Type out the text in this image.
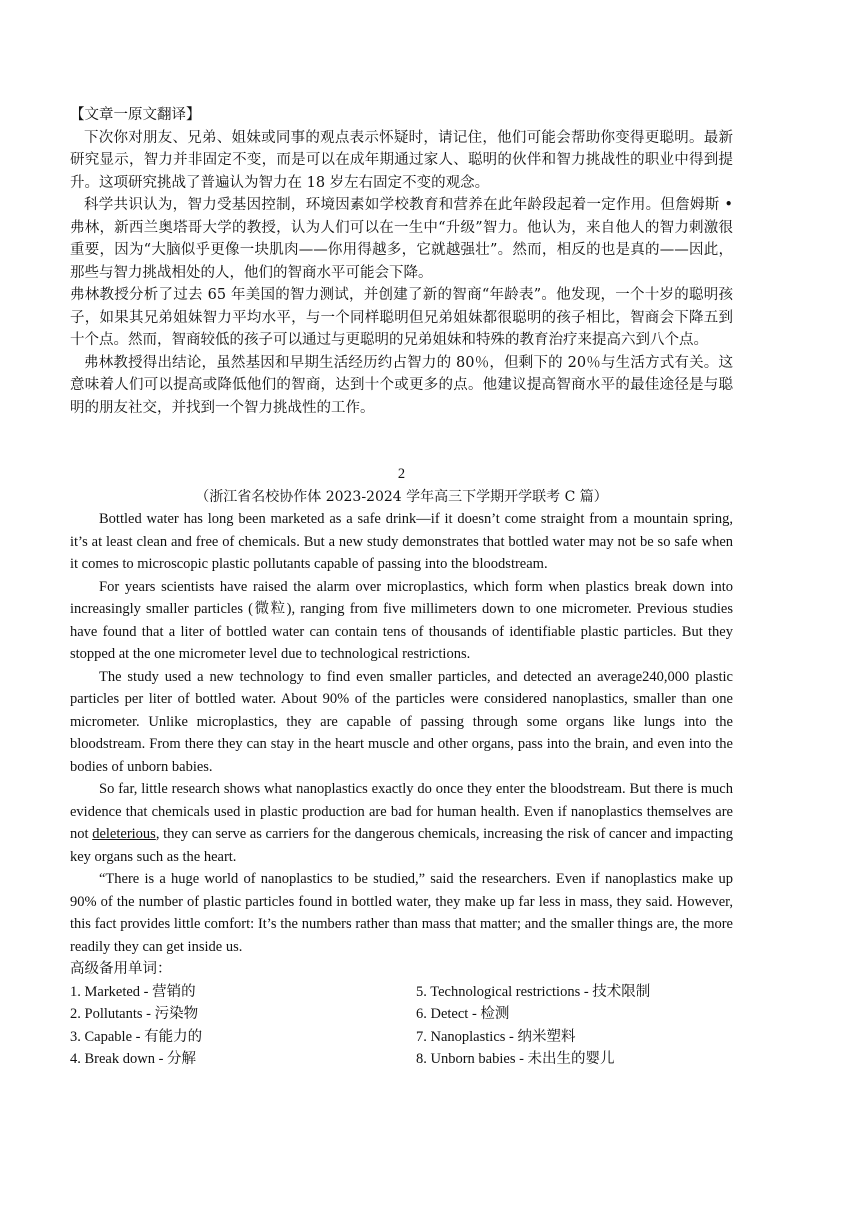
【文章一原文翻译】

下次你对朋友、兄弟、姐妹或同事的观点表示怀疑时，请记住，他们可能会帮助你变得更聪明。最新研究显示，智力并非固定不变，而是可以在成年期通过家人、聪明的伙伴和智力挑战性的职业中得到提升。这项研究挑战了普遍认为智力在 18 岁左右固定不变的观念。

科学共识认为，智力受基因控制，环境因素如学校教育和营养在此年龄段起着一定作用。但詹姆斯 • 弗林，新西兰奥塔哥大学的教授，认为人们可以在一生中“升级”智力。他认为，来自他人的智力刺激很重要，因为“大脑似乎更像一块肌肉——你用得越多，它就越强壮”。然而，相反的也是真的——因此，那些与智力挑战相处的人，他们的智商水平可能会下降。

弗林教授分析了过去 65 年美国的智力测试，并创建了新的智商“年龄表”。他发现，一个十岁的聪明孩子，如果其兄弟姐妹智力平均水平，与一个同样聪明但兄弟姐妹都很聪明的孩子相比，智商会下降五到十个点。然而，智商较低的孩子可以通过与更聪明的兄弟姐妹和特殊的教育治疗来提高六到八个点。

弗林教授得出结论，虽然基因和早期生活经历约占智力的 80％，但剩下的 20％与生活方式有关。这意味着人们可以提高或降低他们的智商，达到十个或更多的点。他建议提高智商水平的最佳途径是与聪明的朋友社交，并找到一个智力挑战性的工作。

2

（浙江省名校协作体 2023-2024 学年高三下学期开学联考 C 篇）

Bottled water has long been marketed as a safe drink—if it doesn’t come straight from a mountain spring, it’s at least clean and free of chemicals. But a new study demonstrates that bottled water may not be so safe when it comes to microscopic plastic pollutants capable of passing into the bloodstream.

For years scientists have raised the alarm over microplastics, which form when plastics break down into increasingly smaller particles (微粒), ranging from five millimeters down to one micrometer. Previous studies have found that a liter of bottled water can contain tens of thousands of identifiable plastic particles. But they stopped at the one micrometer level due to technological restrictions.

The study used a new technology to find even smaller particles, and detected an average240,000 plastic particles per liter of bottled water. About 90% of the particles were considered nanoplastics, smaller than one micrometer. Unlike microplastics, they are capable of passing through some organs like lungs into the bloodstream. From there they can stay in the heart muscle and other organs, pass into the brain, and even into the bodies of unborn babies.

So far, little research shows what nanoplastics exactly do once they enter the bloodstream. But there is much evidence that chemicals used in plastic production are bad for human health. Even if nanoplastics themselves are not deleterious, they can serve as carriers for the dangerous chemicals, increasing the risk of cancer and impacting key organs such as the heart.

“There is a huge world of nanoplastics to be studied,” said the researchers. Even if nanoplastics make up 90% of the number of plastic particles found in bottled water, they make up far less in mass, they said. However, this fact provides little comfort: It’s the numbers rather than mass that matter; and the smaller things are, the more readily they can get inside us.

高级备用单词：

1. Marketed - 营销的	5. Technological restrictions - 技术限制
2. Pollutants - 污染物	6. Detect - 检测
3. Capable - 有能力的	7. Nanoplastics - 纳米塑料
4. Break down - 分解	8. Unborn babies - 未出生的婴儿
